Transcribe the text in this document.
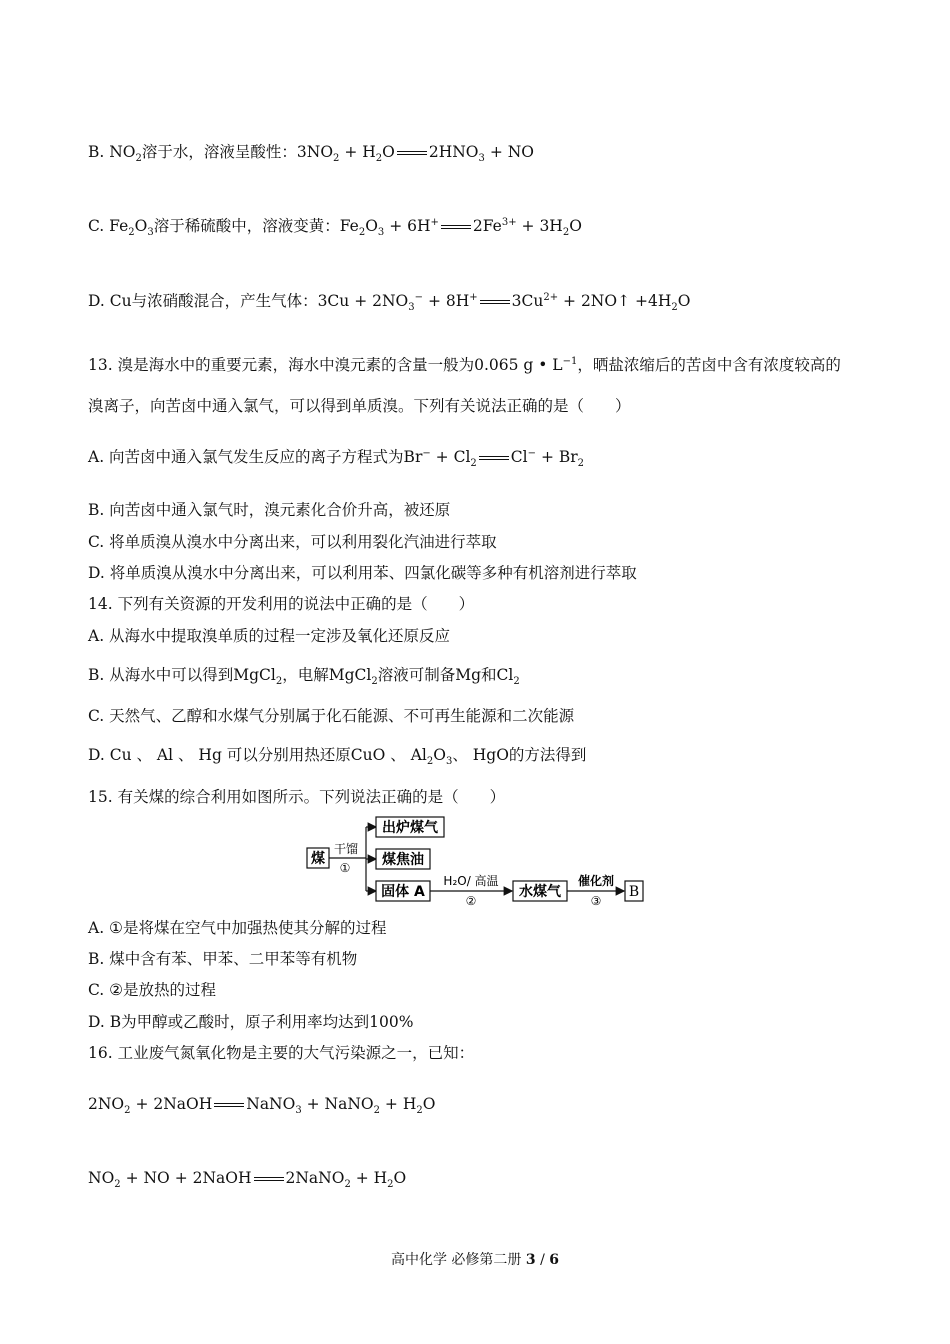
B. $NO_2$溶于水，溶液呈酸性：$3NO_2 + H_2O$ $2HNO_3$ + NO
C. $Fe_2O_3$溶于稀硫酸中，溶液变黄：$Fe_2O_3 + 6H^+$ $2Fe^{3+} + 3H_2O$
D. Cu与浓硝酸混合，产生气体：$3Cu + 2NO_3^- + 8H^+$ $3Cu^{2+}$ + 2NO↑ $+4H_2O$
13. 溴是海水中的重要元素，海水中溴元素的含量一般为0.065 g • $L^{-1}$，晒盐浓缩后的苦卤中含有浓度较高的
溴离子，向苦卤中通入氯气，可以得到单质溴。下列有关说法正确的是（　　）
A. 向苦卤中通入氯气发生反应的离子方程式为$Br^- + Cl_2$ $Cl^- + Br_2$
B. 向苦卤中通入氯气时，溴元素化合价升高，被还原
C. 将单质溴从溴水中分离出来，可以利用裂化汽油进行萃取
D. 将单质溴从溴水中分离出来，可以利用苯、四氯化碳等多种有机溶剂进行萃取
14. 下列有关资源的开发利用的说法中正确的是（　　）
A. 从海水中提取溴单质的过程一定涉及氧化还原反应
B. 从海水中可以得到MgCl$_2$，电解MgCl$_2$溶液可制备Mg和$Cl_2$
C. 天然气、乙醇和水煤气分别属于化石能源、不可再生能源和二次能源
D. Cu 、 Al 、 Hg 可以分别用热还原CuO 、 $Al_2O_3$、 HgO的方法得到
15. 有关煤的综合利用如图所示。下列说法正确的是（　　）
煤
干馏
①
出炉煤气
煤焦油
固体 A
H₂O/ 高温
②
水煤气
催化剂
③
B
A. ①是将煤在空气中加强热使其分解的过程
B. 煤中含有苯、甲苯、二甲苯等有机物
C. ②是放热的过程
D. B为甲醇或乙酸时，原子利用率均达到100%
16. 工业废气氮氧化物是主要的大气污染源之一，已知：
$2NO_2$ + 2NaOH NaNO$_3$ + NaNO$_2$ + $H_2O$
$NO_2$ + NO + 2NaOH 2NaNO$_2$ + $H_2O$
高中化学 必修第二册 3 / 6
